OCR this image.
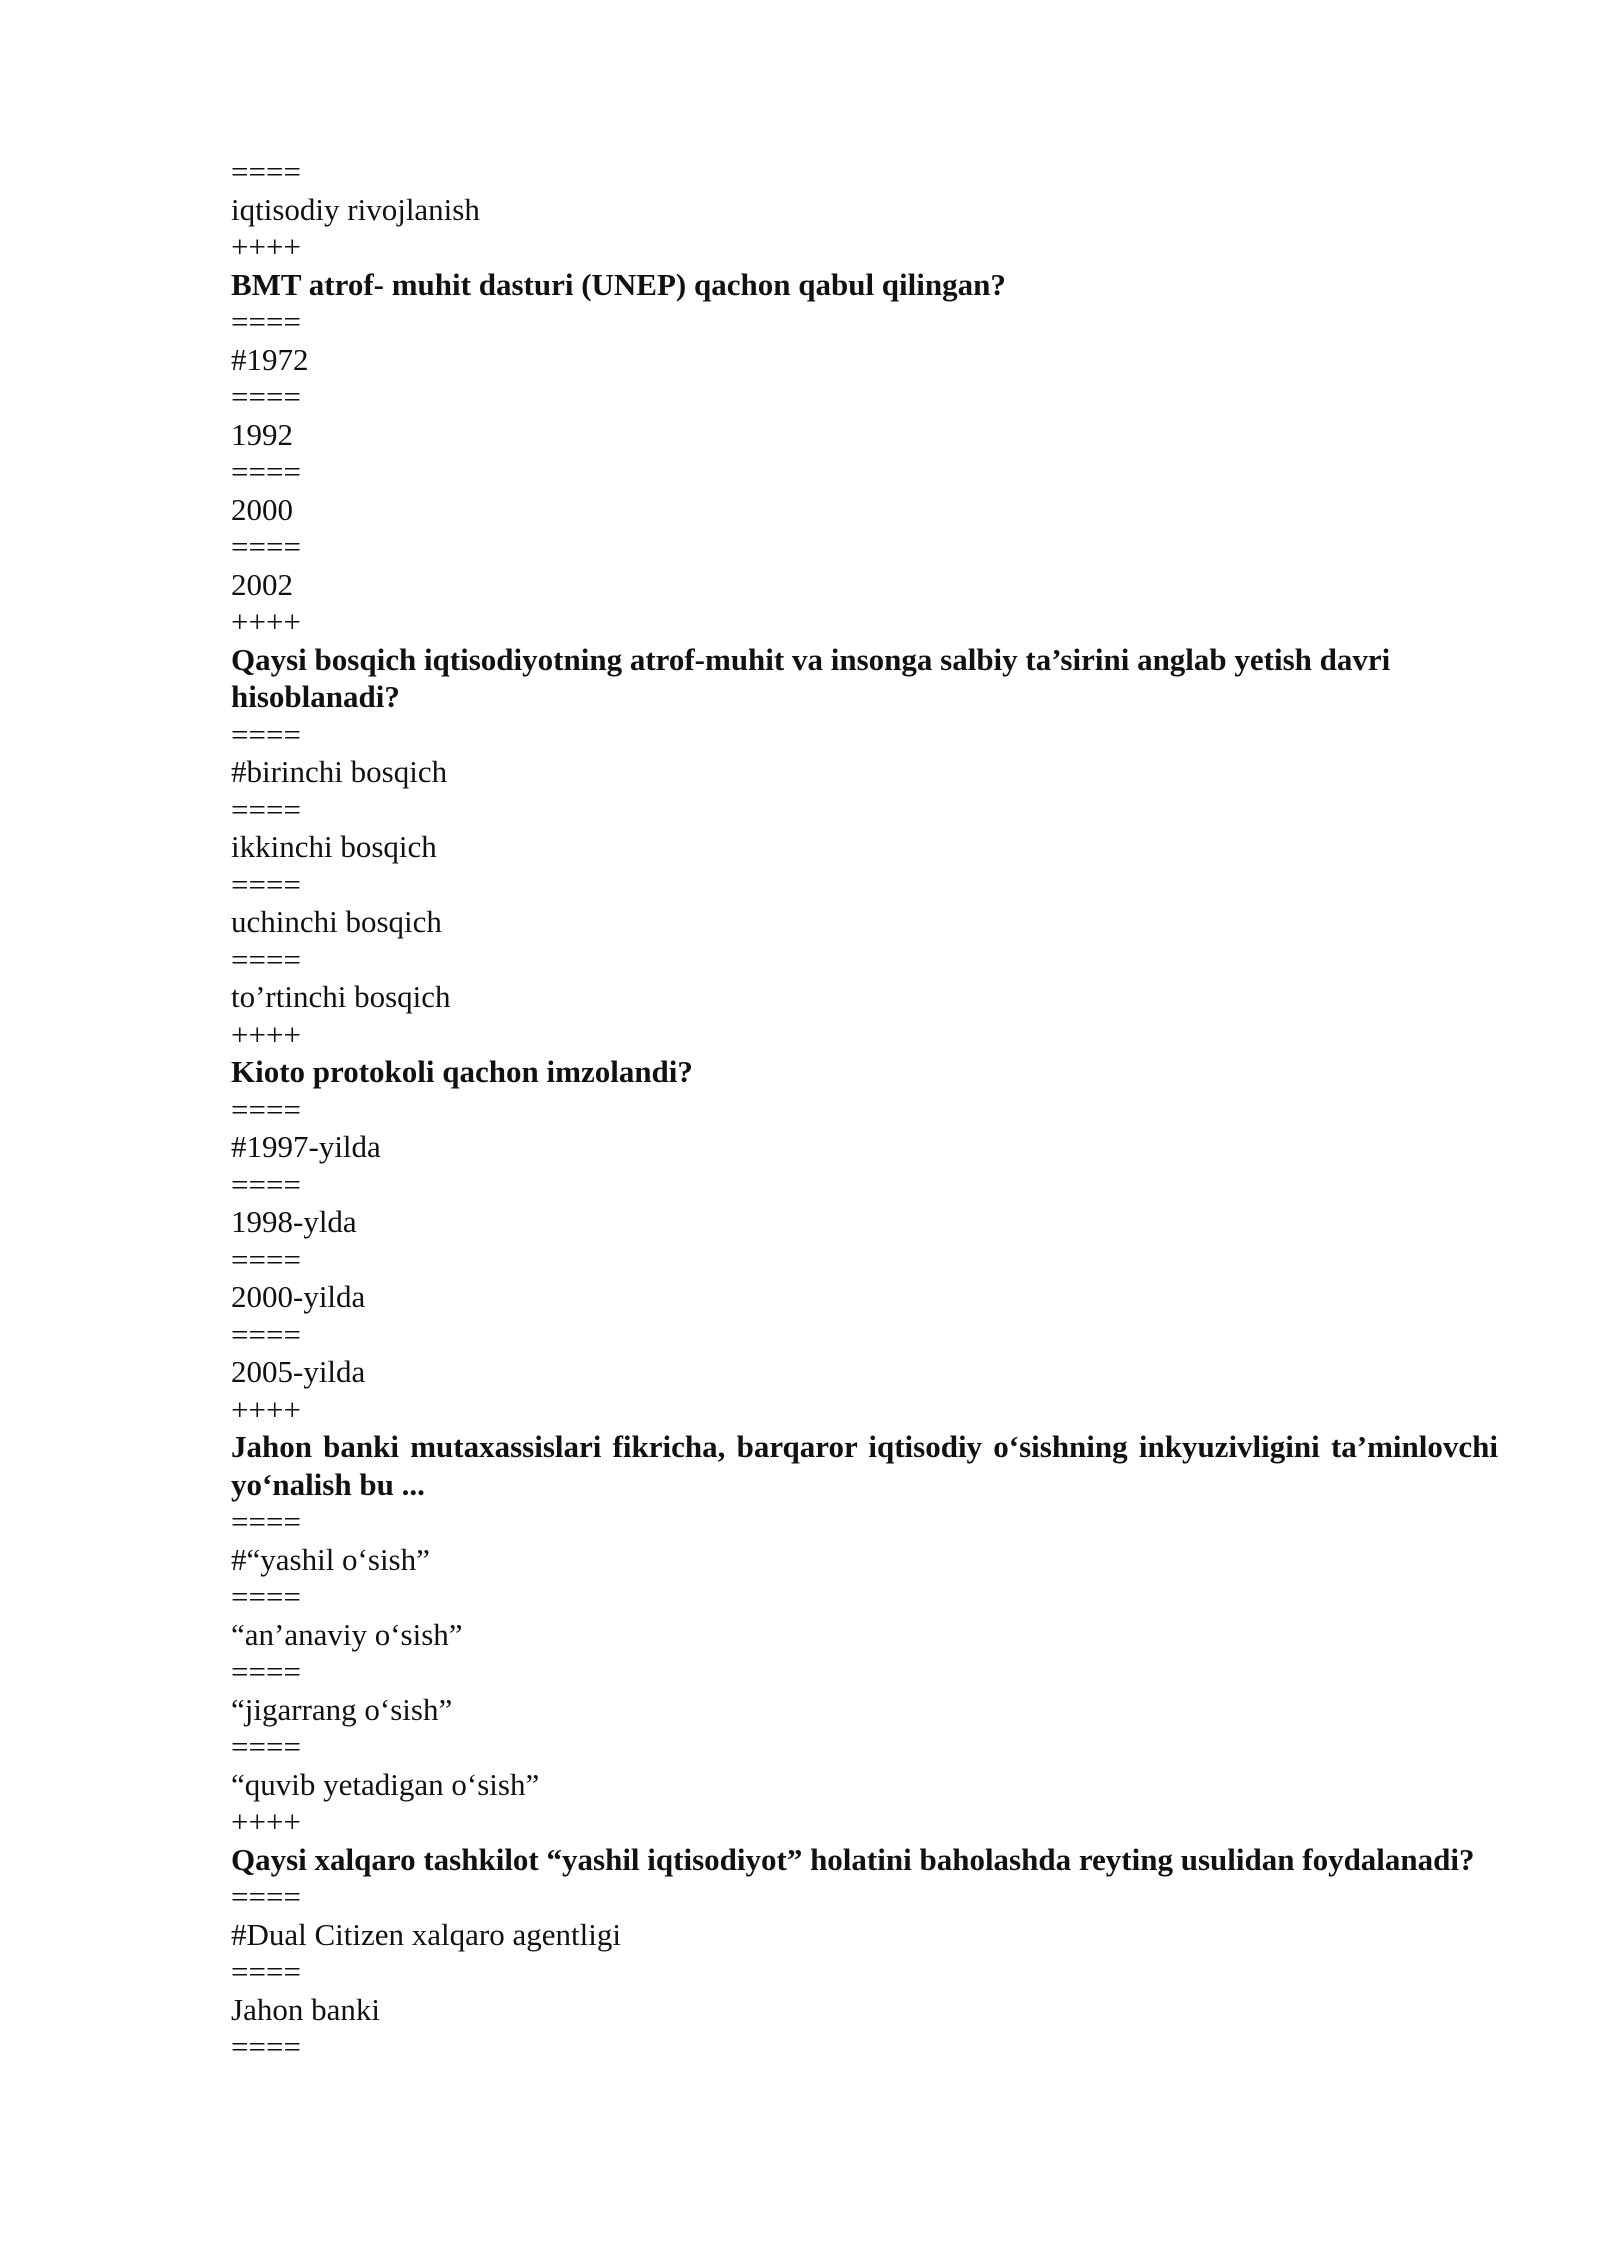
====
iqtisodiy rivojlanish
++++
BMT atrof- muhit dasturi (UNEP) qachon qabul qilingan?
====
#1972
====
1992
====
2000
====
2002
++++
Qaysi bosqich iqtisodiyotning atrof-muhit va insonga salbiy ta’sirini anglab yetish davri hisoblanadi?
====
#birinchi bosqich
====
ikkinchi bosqich
====
uchinchi bosqich
====
to’rtinchi bosqich
++++
Kioto protokoli qachon imzolandi?
====
#1997-yilda
====
1998-ylda
====
2000-yilda
====
2005-yilda
++++
Jahon banki mutaxassislari fikricha, barqaror iqtisodiy o‘sishning inkyuzivligini ta’minlovchi yo‘nalish bu ...
====
#“yashil o‘sish”
====
“an’anaviy o‘sish”
====
“jigarrang o‘sish”
====
“quvib yetadigan o‘sish”
++++
Qaysi xalqaro tashkilot “yashil iqtisodiyot” holatini baholashda reyting usulidan foydalanadi?
====
#Dual Citizen xalqaro agentligi
====
Jahon banki
====
